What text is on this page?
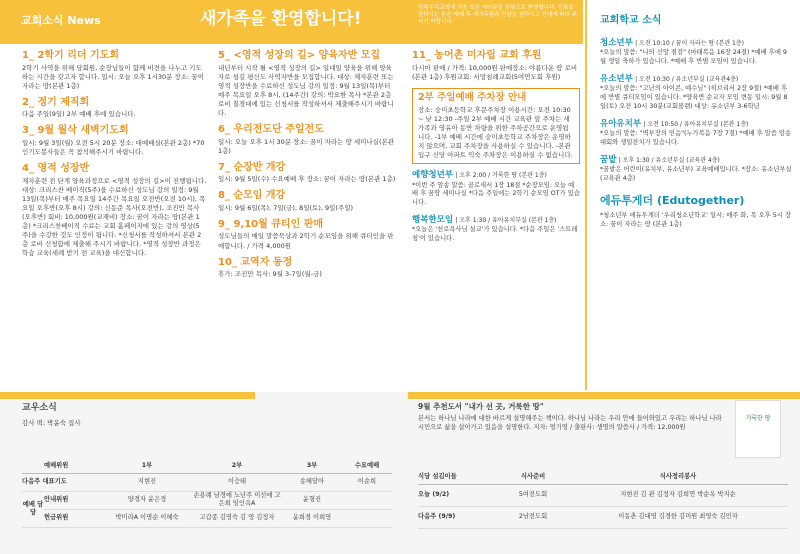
교회소식 News	새가족을 환영합니다!
김해우리교회에 처음 오신 여러분을 진심으로 환영합니다. 등록을 원하시는 분은 예배 후 새가족팀과 만남을 원하시고 안내에 따라 주시기 바랍니다.
1_ 2학기 리더 기도회

2학기 사역을 위해 당회원, 순장님들이 함께 비전을 나누고 기도하는 시간을 갖고자 합니다. 일시: 오늘 오후 1시30분 장소: 꿈이 자라는 땅(본관 1층)

2_ 정기 제직회

다음 주일(9일) 2부 예배 후에 있습니다.

3_ 9월 월삭 새벽기도회

일시: 9월 3일(월) 오전 5시 20분 장소: 대예배실(본관 2층) *70인기도봉사들은 꼭 참석해주시기 바랍니다.

4_ 영적 성장반

제자훈련 전 단계 양육과정으로 <영적 성장의 길>이 진행됩니다. 대상: 크리스찬 베이직(5주)을 수료하신 성도님 강의 일정: 9월 13일(목)부터 매주 목요일 14주간 목요일 오전반(오전 10시), 목요일 오후반(오후 8시) 강의: 신동준 목사(오전반), 조진만 목사(오후반) 회비: 10,000원(교재비) 장소: 꿈이 자라는 땅(본관 1층) *크리스찬베이직 수료는 교회 홈페이지에 있는 강의 영상(5주)을 수강한 것도 인정이 됩니다. *신청서를 작성하셔서 본관 2층 로비 신청함에 제출해 주시기 바랍니다. *영적 성장반 과정은 학습 교육(세례 받기 전 교육)을 대신합니다.

5_ <영적 성장의 길> 양육자반 모집

내년부터 시작 될 <영적 성장의 길> 일대일 양육을 위해 양육자로 섬길 평신도 사역자반을 모집합니다. 대상: 제자훈련 또는 영적 성장반을 수료하신 성도님 강의 일정: 9월 13일(목)부터 매주 목요일 오후 8시, (14주간) 강의: 박요한 목사 *본관 2층 로비 칠경대에 있는 신청서를 작성하셔서 제출해주시기 바랍니다.

6_ 우리전도단 주일전도

일시: 오늘 오후 1시 30분 장소: 꿈이 자라는 땅 세미나실(본관 1층)

7_ 순장반 개강

일시: 9월 5일(수) 수요예배 후 장소: 꿈이 자라는 땅(본관 1층)

8_ 순모임 개강

일시: 9월 6일(목), 7일(금), 8일(토), 9일(주일)

9_ 9,10월 큐티인 판매

성도님들의 매일 말씀묵상과 2학기 순모임을 위해 큐티인을 판매합니다. / 가격 4,000원

10_ 교역자 동정

휴가: 조진만 목사: 9월 3-7일(월-금)

11_ 농어촌 미자립 교회 후원

다시마 판매 / 가격: 10,000원 판매장소: 야름다운 땅 로비(본관 1층) 후원교회: 서망침례교회(5여연도회 후원)

2부 주일예배 주차장 안내

장소: 숭미초등학교 후문주차장 이용시간: 오전 10:30 ~ 낮 12:30 -주일 2부 예배 시간 교육관 앞 주차는 새가족과 영유아 동반 차량을 위한 주차공간으로 운영됩니다. -1부 예배 시간에 숭미초등학교 주차장은 운영하지 않으며, 교회 주차장을 사용하실 수 있습니다. -본관입구 신당 아파트 익숙 주차장은 이용하실 수 없습니다.

예향청년부 | 오후 2:00 / 거룩한 땅 (본관 1층)

*이번 주 암송 말씀: 골로새서 1장 18절 *순장모임: 오늘 예배 후 꿈땅 세미나실 *다음 주일에는 2학기 순모임 OT가 있습니다.

행복한모임 | 오후 1:30 / 유아유치부실 (본관 1층)

*오늘은 '천로욕사님 설교'가 있습니다. *다음 주일은 '스트레칭'이 있습니다.

교회학교 소식
청소년부 | 오전 10:10 / 꿈이 자라는 땅 (본관 1층)

*오늘의 말씀: "나의 신앙 점검" (마태복음 16장 24절) *예배 후에 9월 생일 축하가 있습니다. *예배 후 반별 모임이 있습니다.

유소년부 | 오전 10:30 / 유소년부실 (교육관4층)

*오늘의 말씀: "고난의 아이콘, 예수님" (히브리서 2장 9절) *예배 후에 반별 큐티모임이 있습니다. *양육반 순교자 모임 변동 일시: 9월 8일(토) 오전 10시 30분(교회볼랜) 대상: 유소년부 3-6학년

유아유치부 | 오전 10:50 / 유아유치부실 (본관 1층)

*오늘의 말씀: "벽부장의 믿음"(누가복음 7장 7절) *예배 후 말씀 암송대회와 생일잔치가 있습니다.

꿈밭 | 오후 1:30 / 유소년부실 (교육관 4층)

*꿈밭은 어린이(유치부, 유소년부) 교육예배입니다. *장소: 유소년부실(교육관 4층)

에듀투게더 (Edutogether)

*청소년부 에듀투게더 '우리청소년학교' 일시: 매주 화, 목 오후 5시 장소: 꿈이 자라는 땅 (본관 1층)

교우소식
감사 떡: 박윤숙 집사
9월 추천도서 "내가 선 곳, 거룩한 땅"
본서는 하나님 나라에 대한 바르게 설명해주는 책이다. 하나님 나라는 우리 안에 들어와있고 우리는 하나님 나라 시민으로 삶을 살아가고 있음을 설명한다. 저자: 엄기영 / 출판사: 생명의 말씀사 / 가격: 12,000원
거룩한 땅
	예배위원	1부	2부	3부	수요예배
다음주 대표기도		지현진	이승태	송혜달아	이순희
예배 담당	안내위원	양경자 윤은경	손용례 남경애 노난주 이선애 고은희 임인옥A	윤형진	
	헌금위원	박미라A 이명순 이혜숙	고갑종 김영숙 김 영 김정자	윤희경 이희영	
식당 섬김이들	식사준비	식사정리봉사
오늘 (9/2)	5여전도회	지현진 김 관 김정자 김희연 박순옥 박지순
다음주 (9/9)	2남전도회	이동촌 김대영 김경한 김미원 최영숙 김민자
